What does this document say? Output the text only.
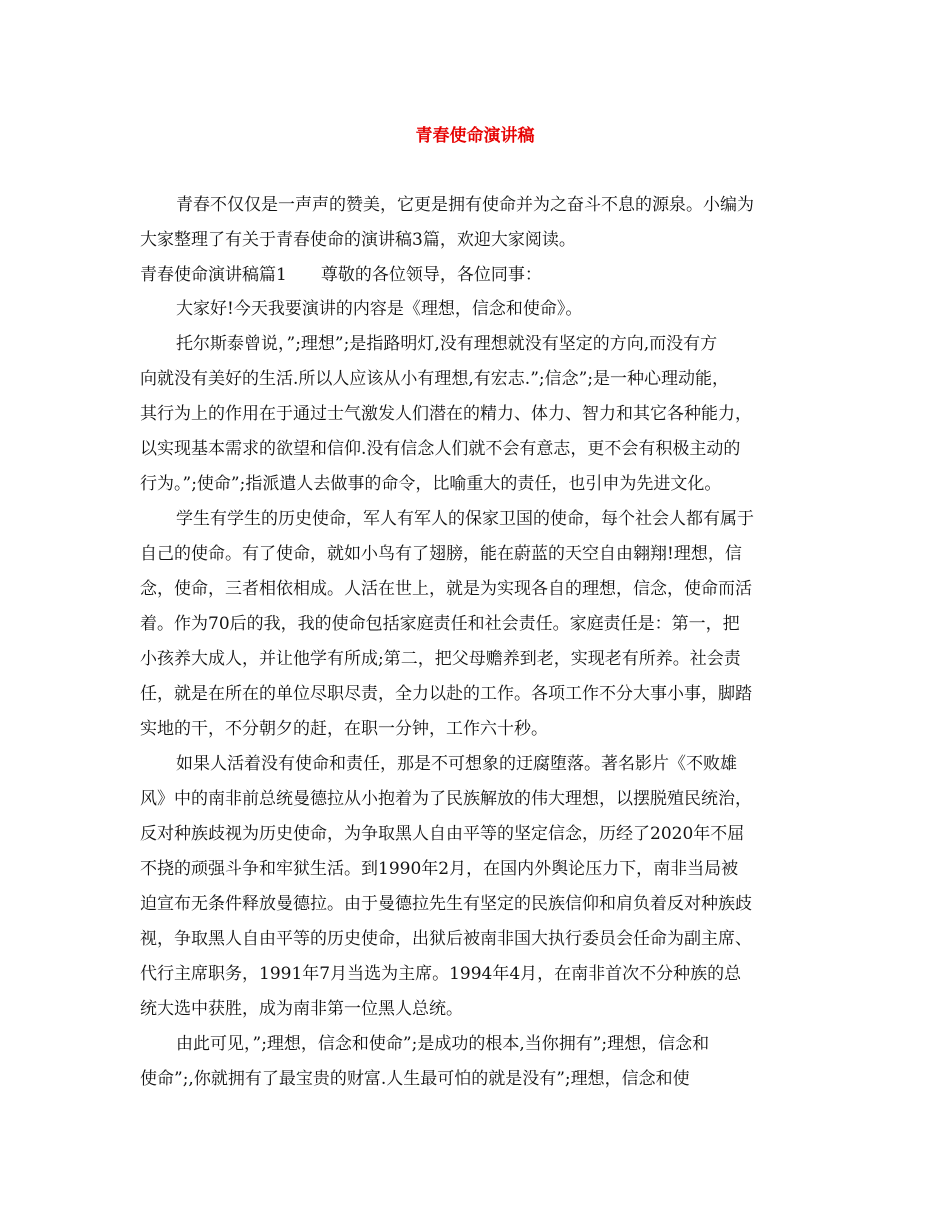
青春使命演讲稿
青春不仅仅是一声声的赞美，它更是拥有使命并为之奋斗不息的源泉。小编为
大家整理了有关于青春使命的演讲稿3篇，欢迎大家阅读。
青春使命演讲稿篇1　　尊敬的各位领导，各位同事：
大家好!今天我要演讲的内容是《理想，信念和使命》。
托尔斯泰曾说，”;理想”;是指路明灯,没有理想就没有坚定的方向,而没有方
向就没有美好的生活.所以人应该从小有理想,有宏志.”;信念”;是一种心理动能，
其行为上的作用在于通过士气激发人们潜在的精力、体力、智力和其它各种能力，
以实现基本需求的欲望和信仰.没有信念人们就不会有意志，更不会有积极主动的
行为。”;使命”;指派遣人去做事的命令，比喻重大的责任，也引申为先进文化。
学生有学生的历史使命，军人有军人的保家卫国的使命，每个社会人都有属于
自己的使命。有了使命，就如小鸟有了翅膀，能在蔚蓝的天空自由翱翔!理想，信
念，使命，三者相依相成。人活在世上，就是为实现各自的理想，信念，使命而活
着。作为70后的我，我的使命包括家庭责任和社会责任。家庭责任是：第一，把
小孩养大成人，并让他学有所成;第二，把父母赡养到老，实现老有所养。社会责
任，就是在所在的单位尽职尽责，全力以赴的工作。各项工作不分大事小事，脚踏
实地的干，不分朝夕的赶，在职一分钟，工作六十秒。
如果人活着没有使命和责任，那是不可想象的迂腐堕落。著名影片《不败雄
风》中的南非前总统曼德拉从小抱着为了民族解放的伟大理想，以摆脱殖民统治，
反对种族歧视为历史使命，为争取黑人自由平等的坚定信念，历经了2020年不屈
不挠的顽强斗争和牢狱生活。到1990年2月，在国内外舆论压力下，南非当局被
迫宣布无条件释放曼德拉。由于曼德拉先生有坚定的民族信仰和肩负着反对种族歧
视，争取黑人自由平等的历史使命，出狱后被南非国大执行委员会任命为副主席、
代行主席职务，1991年7月当选为主席。1994年4月，在南非首次不分种族的总
统大选中获胜，成为南非第一位黑人总统。
由此可见，”;理想，信念和使命”;是成功的根本,当你拥有”;理想，信念和
使命”;,你就拥有了最宝贵的财富.人生最可怕的就是没有”;理想，信念和使
